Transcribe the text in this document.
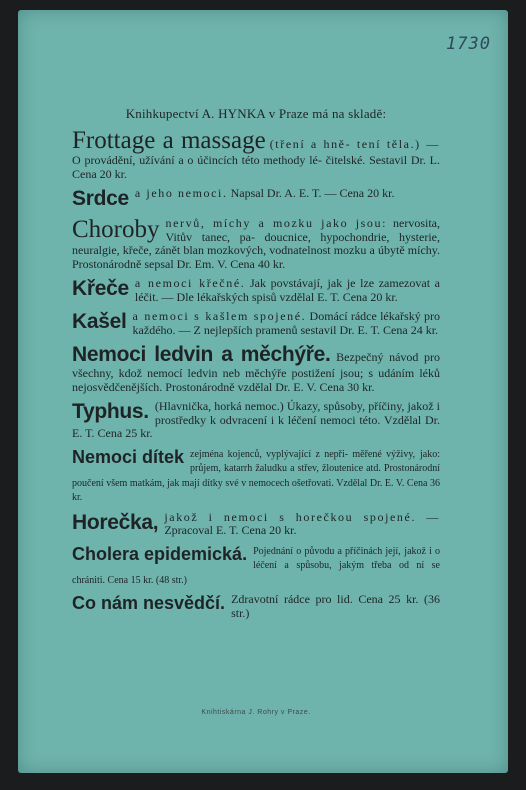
1730
Knihkupectví A. HYNKA v Praze má na skladě:
Frottage a massage (tření a hně- tení těla.) — O provádění, užívání a o účincích této methody lé- čitelské. Sestavil Dr. L. Cena 20 kr.
Srdce a jeho nemoci. Napsal Dr. A. E. T. — Cena 20 kr.
Choroby nervů, míchy a mozku jako jsou: nervosita, Vitův tanec, pa- doucnice, hypochondrie, hysterie, neuralgie, křeče, zánět blan mozkových, vodnatelnost mozku a úbytě míchy. Prostonárodně sepsal Dr. Em. V. Cena 40 kr.
Křeče a nemoci křečné. Jak povstávají, jak je lze zamezovat a léčit. — Dle lékařských spisů vzdělal E. T. Cena 20 kr.
Kašel a nemoci s kašlem spojené. Domácí rádce lékařský pro každého. — Z nejlepších pramenů sestavil Dr. E. T. Cena 24 kr.
Nemoci ledvin a měchýře. Bezpečný návod pro všechny, kdož nemocí ledvin neb měchýře postižení jsou; s udáním léků nejosvědčenějších. Prostonárodně vzdělal Dr. E. V. Cena 30 kr.
Typhus. (Hlavnička, horká nemoc.) Úkazy, spůsoby, příčiny, jakož i prostředky k odvracení i k léčení nemoci této. Vzdělal Dr. E. T. Cena 25 kr.
Nemoci dítek zejména kojenců, vyplývající z nepři- měřené výživy, jako: průjem, katarrh žaludku a střev, žloutenice atd. Prostonárodní poučení všem matkám, jak mají dítky své v nemocech ošetřovati. Vzdělal Dr. E. V. Cena 36 kr.
Horečka, jakož i nemoci s horečkou spojené. — Zpracoval E. T. Cena 20 kr.
Cholera epidemická. Pojednání o původu a příčinách její, jakož i o léčení a spůsobu, jakým třeba od ní se chrániti. Cena 15 kr. (48 str.)
Co nám nesvědčí. Zdravotní rádce pro lid. Cena 25 kr. (36 str.)
Knihtiskárna J. Rohry v Praze.
